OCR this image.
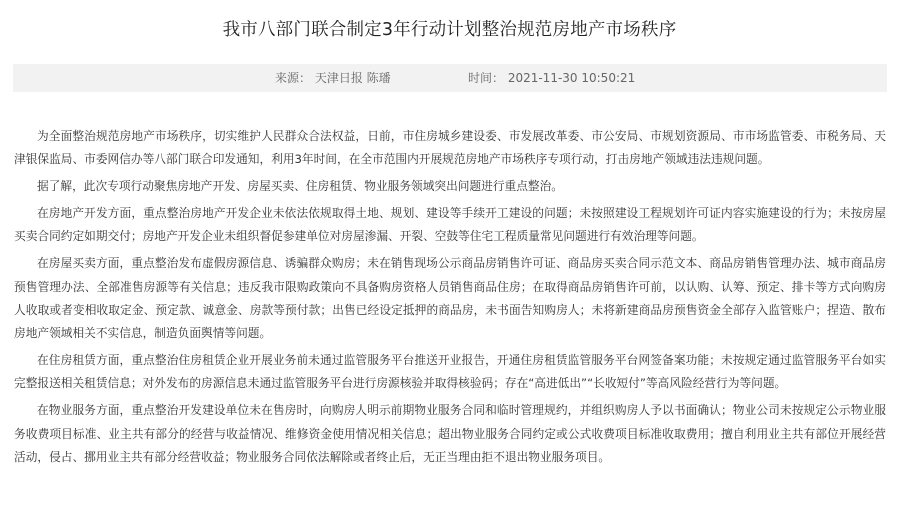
我市八部门联合制定3年行动计划整治规范房地产市场秩序
来源： 天津日报 陈璠	时间： 2021-11-30 10:50:21

为全面整治规范房地产市场秩序，切实维护人民群众合法权益，日前，市住房城乡建设委、市发展改革委、市公安局、市规划资源局、市市场监管委、市税务局、天津银保监局、市委网信办等八部门联合印发通知，利用3年时间，在全市范围内开展规范房地产市场秩序专项行动，打击房地产领域违法违规问题。

据了解，此次专项行动聚焦房地产开发、房屋买卖、住房租赁、物业服务领域突出问题进行重点整治。

在房地产开发方面，重点整治房地产开发企业未依法依规取得土地、规划、建设等手续开工建设的问题；未按照建设工程规划许可证内容实施建设的行为；未按房屋买卖合同约定如期交付；房地产开发企业未组织督促参建单位对房屋渗漏、开裂、空鼓等住宅工程质量常见问题进行有效治理等问题。

在房屋买卖方面，重点整治发布虚假房源信息、诱骗群众购房；未在销售现场公示商品房销售许可证、商品房买卖合同示范文本、商品房销售管理办法、城市商品房预售管理办法、全部准售房源等有关信息；违反我市限购政策向不具备购房资格人员销售商品住房；在取得商品房销售许可前，以认购、认筹、预定、排卡等方式向购房人收取或者变相收取定金、预定款、诚意金、房款等预付款；出售已经设定抵押的商品房，未书面告知购房人；未将新建商品房预售资金全部存入监管账户；捏造、散布房地产领域相关不实信息，制造负面舆情等问题。

在住房租赁方面，重点整治住房租赁企业开展业务前未通过监管服务平台推送开业报告，开通住房租赁监管服务平台网签备案功能；未按规定通过监管服务平台如实完整报送相关租赁信息；对外发布的房源信息未通过监管服务平台进行房源核验并取得核验码；存在“高进低出”“长收短付”等高风险经营行为等问题。

在物业服务方面，重点整治开发建设单位未在售房时，向购房人明示前期物业服务合同和临时管理规约，并组织购房人予以书面确认；物业公司未按规定公示物业服务收费项目标准、业主共有部分的经营与收益情况、维修资金使用情况相关信息；超出物业服务合同约定或公式收费项目标准收取费用；擅自利用业主共有部位开展经营活动，侵占、挪用业主共有部分经营收益；物业服务合同依法解除或者终止后，无正当理由拒不退出物业服务项目。
